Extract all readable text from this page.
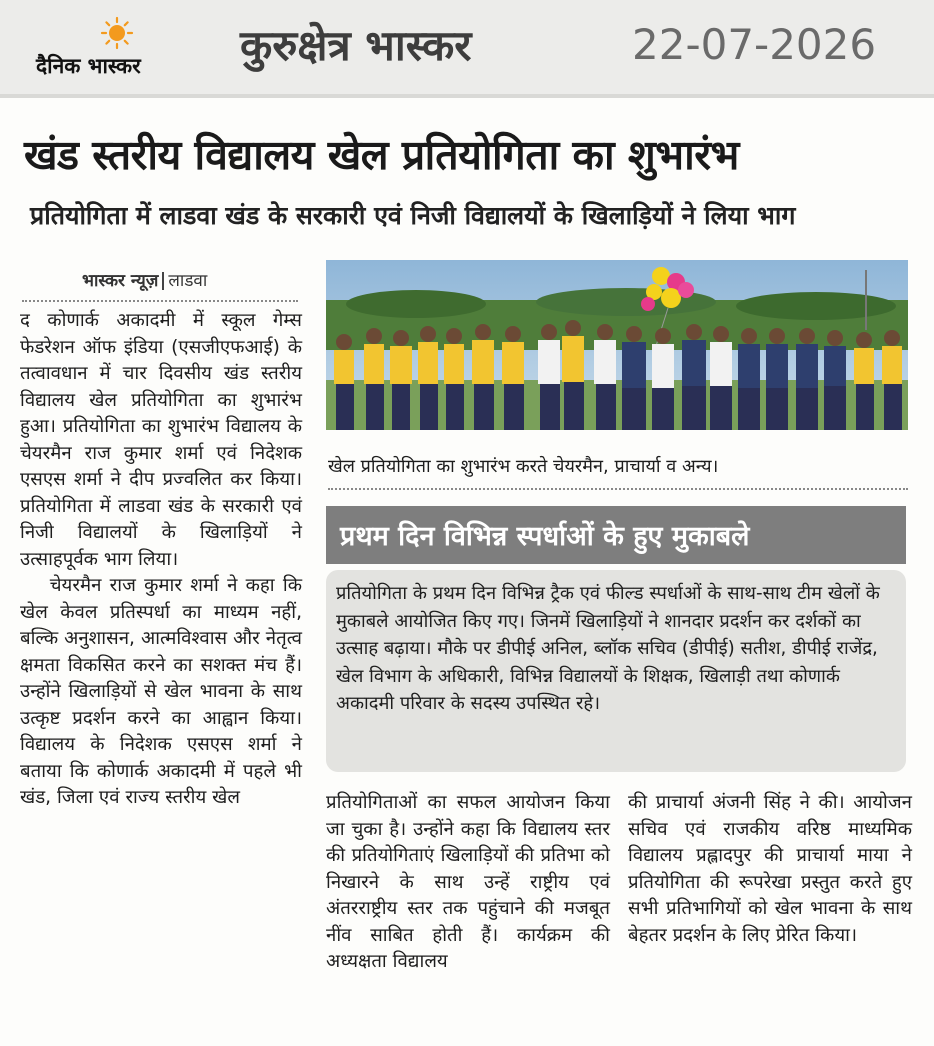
दैनिक भास्कर	कुरुक्षेत्र भास्कर	22-07-2026
खंड स्तरीय विद्यालय खेल प्रतियोगिता का शुभारंभ
प्रतियोगिता में लाडवा खंड के सरकारी एवं निजी विद्यालयों के खिलाड़ियों ने लिया भाग
भास्कर न्यूज़ लाडवा

द कोणार्क अकादमी में स्कूल गेम्स फेडरेशन ऑफ इंडिया (एसजीएफआई) के तत्वावधान में चार दिवसीय खंड स्तरीय विद्यालय खेल प्रतियोगिता का शुभारंभ हुआ। प्रतियोगिता का शुभारंभ विद्यालय के चेयरमैन राज कुमार शर्मा एवं निदेशक एसएस शर्मा ने दीप प्रज्वलित कर किया। प्रतियोगिता में लाडवा खंड के सरकारी एवं निजी विद्यालयों के खिलाड़ियों ने उत्साहपूर्वक भाग लिया।

चेयरमैन राज कुमार शर्मा ने कहा कि खेल केवल प्रतिस्पर्धा का माध्यम नहीं, बल्कि अनुशासन, आत्मविश्वास और नेतृत्व क्षमता विकसित करने का सशक्त मंच हैं। उन्होंने खिलाड़ियों से खेल भावना के साथ उत्कृष्ट प्रदर्शन करने का आह्वान किया। विद्यालय के निदेशक एसएस शर्मा ने बताया कि कोणार्क अकादमी में पहले भी खंड, जिला एवं राज्य स्तरीय खेल

खेल प्रतियोगिता का शुभारंभ करते चेयरमैन, प्राचार्या व अन्य।
प्रथम दिन विभिन्न स्पर्धाओं के हुए मुकाबले
प्रतियोगिता के प्रथम दिन विभिन्न ट्रैक एवं फील्ड स्पर्धाओं के साथ-साथ टीम खेलों के मुकाबले आयोजित किए गए। जिनमें खिलाड़ियों ने शानदार प्रदर्शन कर दर्शकों का उत्साह बढ़ाया। मौके पर डीपीई अनिल, ब्लॉक सचिव (डीपीई) सतीश, डीपीई राजेंद्र, खेल विभाग के अधिकारी, विभिन्न विद्यालयों के शिक्षक, खिलाड़ी तथा कोणार्क अकादमी परिवार के सदस्य उपस्थित रहे।

प्रतियोगिताओं का सफल आयोजन किया जा चुका है। उन्होंने कहा कि विद्यालय स्तर की प्रतियोगिताएं खिलाड़ियों की प्रतिभा को निखारने के साथ उन्हें राष्ट्रीय एवं अंतरराष्ट्रीय स्तर तक पहुंचाने की मजबूत नींव साबित होती हैं। कार्यक्रम की अध्यक्षता विद्यालय

की प्राचार्या अंजनी सिंह ने की। आयोजन सचिव एवं राजकीय वरिष्ठ माध्यमिक विद्यालय प्रह्लादपुर की प्राचार्या माया ने प्रतियोगिता की रूपरेखा प्रस्तुत करते हुए सभी प्रतिभागियों को खेल भावना के साथ बेहतर प्रदर्शन के लिए प्रेरित किया।
